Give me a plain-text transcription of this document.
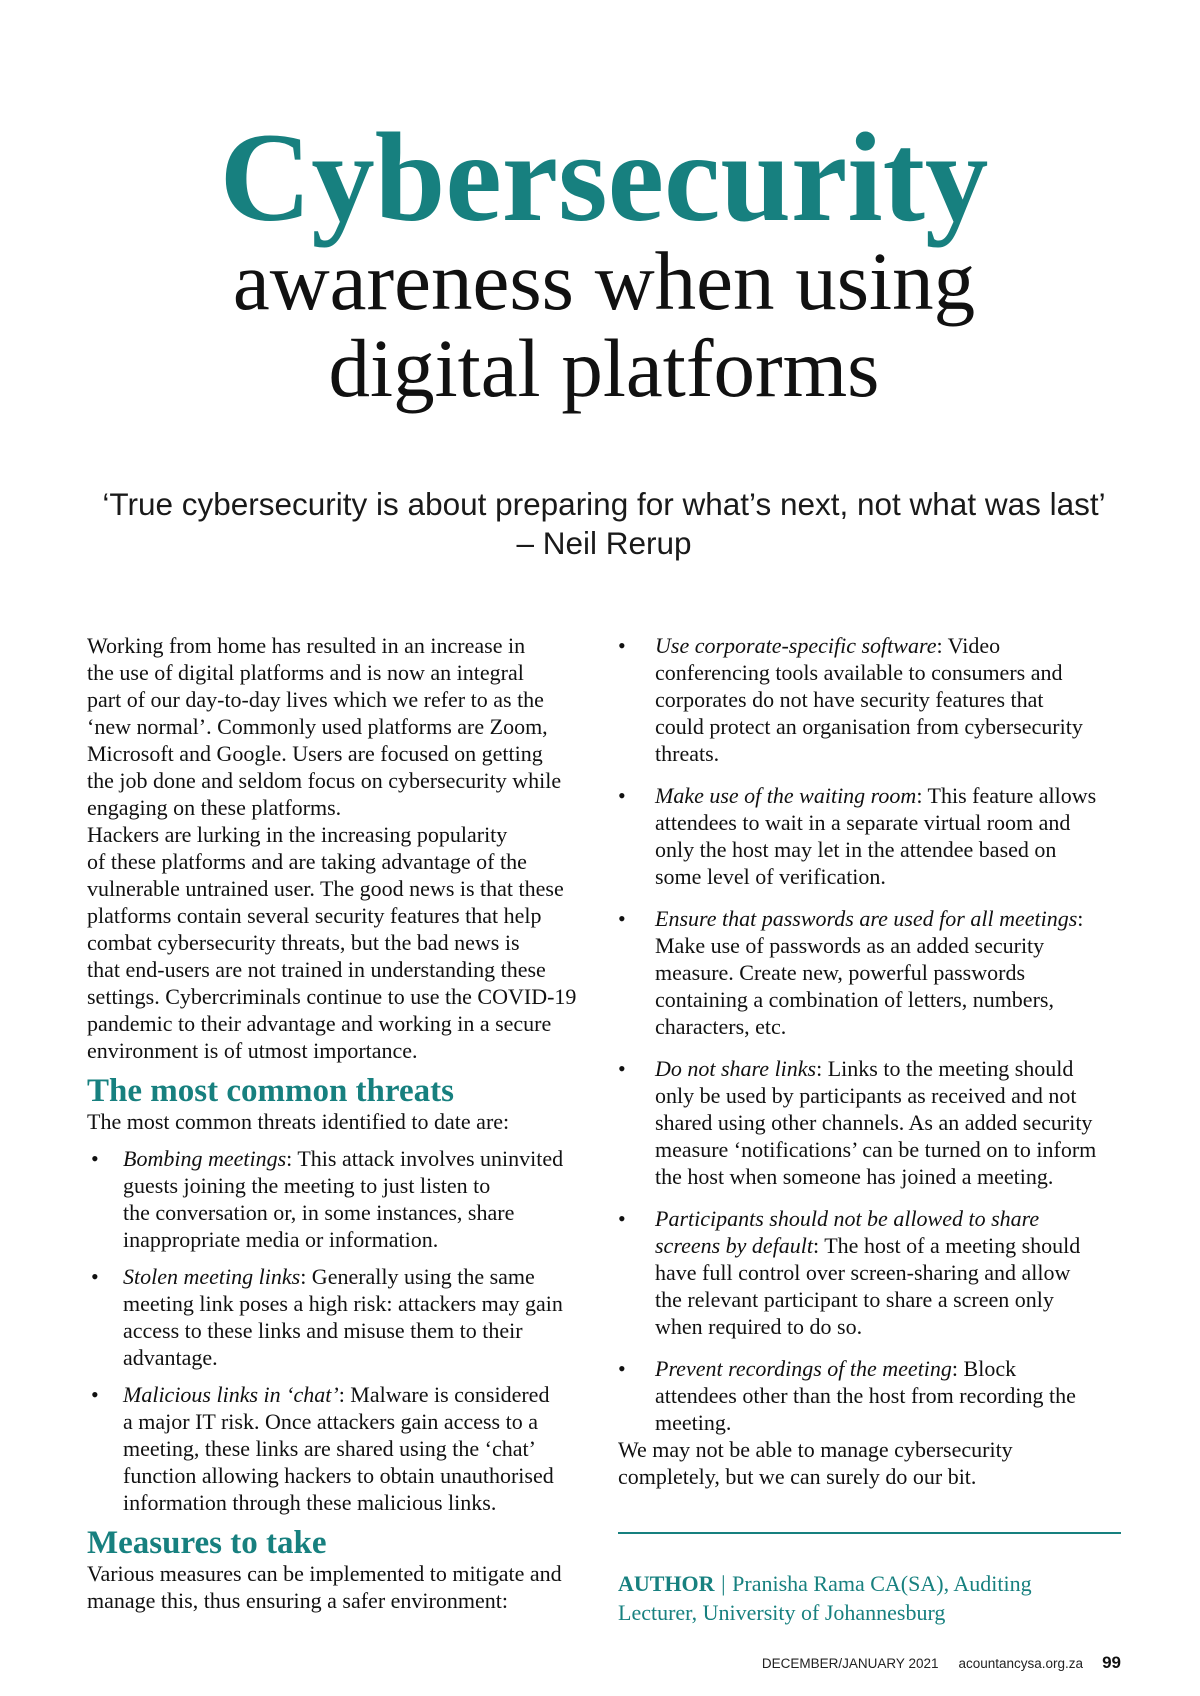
Cybersecurity
awareness when using
digital platforms
‘True cybersecurity is about preparing for what’s next, not what was last’
– Neil Rerup

Working from home has resulted in an increase in
the use of digital platforms and is now an integral
part of our day-to-day lives which we refer to as the
‘new normal’. Commonly used platforms are Zoom,
Microsoft and Google. Users are focused on getting
the job done and seldom focus on cybersecurity while
engaging on these platforms.

Hackers are lurking in the increasing popularity
of these platforms and are taking advantage of the
vulnerable untrained user. The good news is that these
platforms contain several security features that help
combat cybersecurity threats, but the bad news is
that end-users are not trained in understanding these
settings. Cybercriminals continue to use the COVID-19
pandemic to their advantage and working in a secure
environment is of utmost importance.

The most common threats

The most common threats identified to date are:

• Bombing meetings: This attack involves uninvited
guests joining the meeting to just listen to
the conversation or, in some instances, share
inappropriate media or information.
• Stolen meeting links: Generally using the same
meeting link poses a high risk: attackers may gain
access to these links and misuse them to their
advantage.
• Malicious links in ‘chat’: Malware is considered
a major IT risk. Once attackers gain access to a
meeting, these links are shared using the ‘chat’
function allowing hackers to obtain unauthorised
information through these malicious links.
Measures to take

Various measures can be implemented to mitigate and
manage this, thus ensuring a safer environment:

• Use corporate-specific software: Video
conferencing tools available to consumers and
corporates do not have security features that
could protect an organisation from cybersecurity
threats.
• Make use of the waiting room: This feature allows
attendees to wait in a separate virtual room and
only the host may let in the attendee based on
some level of verification.
• Ensure that passwords are used for all meetings:
Make use of passwords as an added security
measure. Create new, powerful passwords
containing a combination of letters, numbers,
characters, etc.
• Do not share links: Links to the meeting should
only be used by participants as received and not
shared using other channels. As an added security
measure ‘notifications’ can be turned on to inform
the host when someone has joined a meeting.
• Participants should not be allowed to share
screens by default: The host of a meeting should
have full control over screen-sharing and allow
the relevant participant to share a screen only
when required to do so.
• Prevent recordings of the meeting: Block
attendees other than the host from recording the
meeting.

We may not be able to manage cybersecurity
completely, but we can surely do our bit.

AUTHOR | Pranisha Rama CA(SA), Auditing
Lecturer, University of Johannesburg
DECEMBER/JANUARY 2021 acountancysa.org.za 99
